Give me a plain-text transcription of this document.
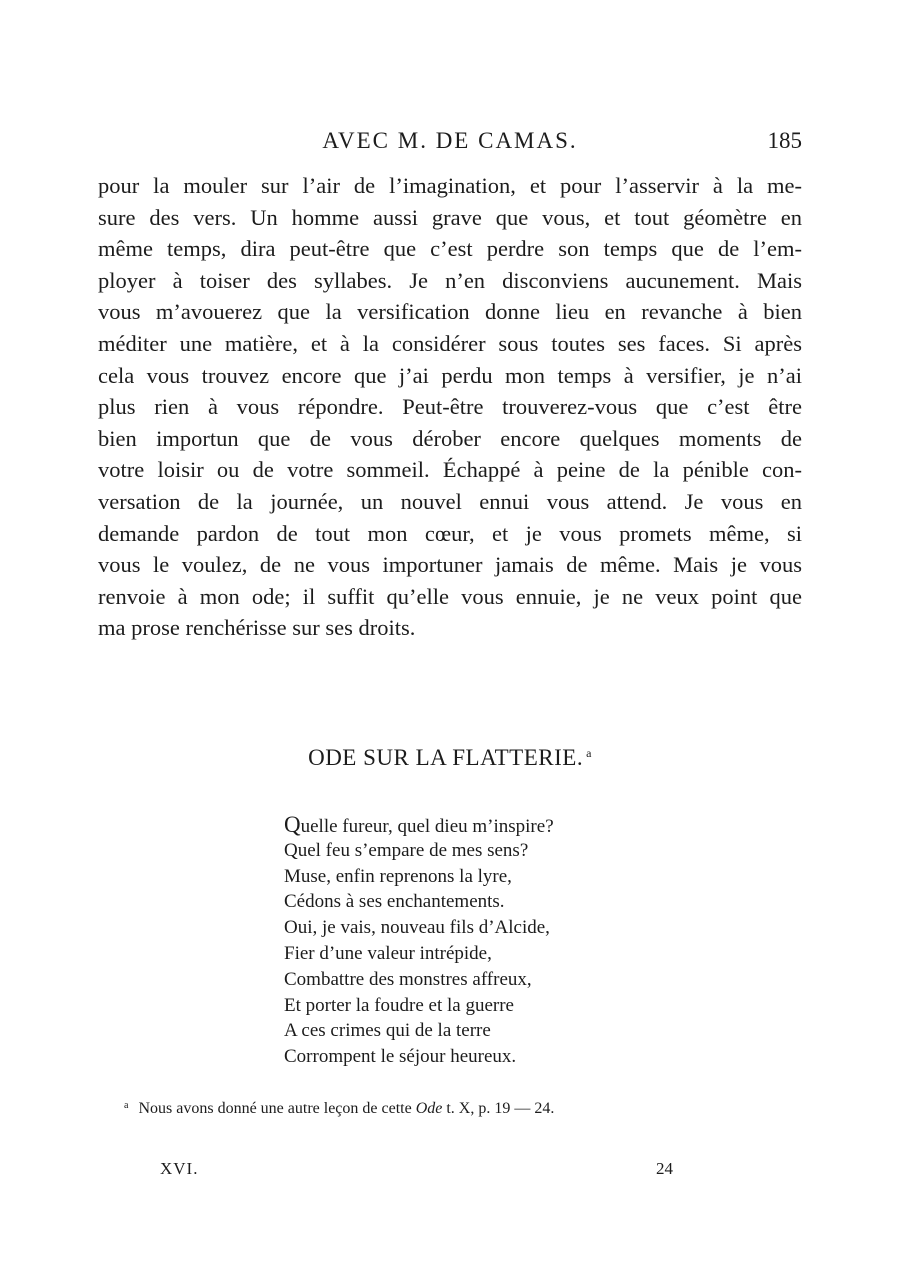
AVEC M. DE CAMAS.	185
pour la mouler sur l’air de l’imagination, et pour l’asservir à la me-
sure des vers. Un homme aussi grave que vous, et tout géomètre en
même temps, dira peut-être que c’est perdre son temps que de l’em-
ployer à toiser des syllabes. Je n’en disconviens aucunement. Mais
vous m’avouerez que la versification donne lieu en revanche à bien
méditer une matière, et à la considérer sous toutes ses faces. Si après
cela vous trouvez encore que j’ai perdu mon temps à versifier, je n’ai
plus rien à vous répondre. Peut-être trouverez-vous que c’est être
bien importun que de vous dérober encore quelques moments de
votre loisir ou de votre sommeil. Échappé à peine de la pénible con-
versation de la journée, un nouvel ennui vous attend. Je vous en
demande pardon de tout mon cœur, et je vous promets même, si
vous le voulez, de ne vous importuner jamais de même. Mais je vous
renvoie à mon ode; il suffit qu’elle vous ennuie, je ne veux point que
ma prose renchérisse sur ses droits.
ODE SUR LA FLATTERIE. $^a$
Quelle fureur, quel dieu m’inspire?
Quel feu s’empare de mes sens?
Muse, enfin reprenons la lyre,
Cédons à ses enchantements.
Oui, je vais, nouveau fils d’Alcide,
Fier d’une valeur intrépide,
Combattre des monstres affreux,
Et porter la foudre et la guerre
A ces crimes qui de la terre
Corrompent le séjour heureux.
$^a$ Nous avons donné une autre leçon de cette Ode t. X, p. 19 — 24.
XVI.	24
